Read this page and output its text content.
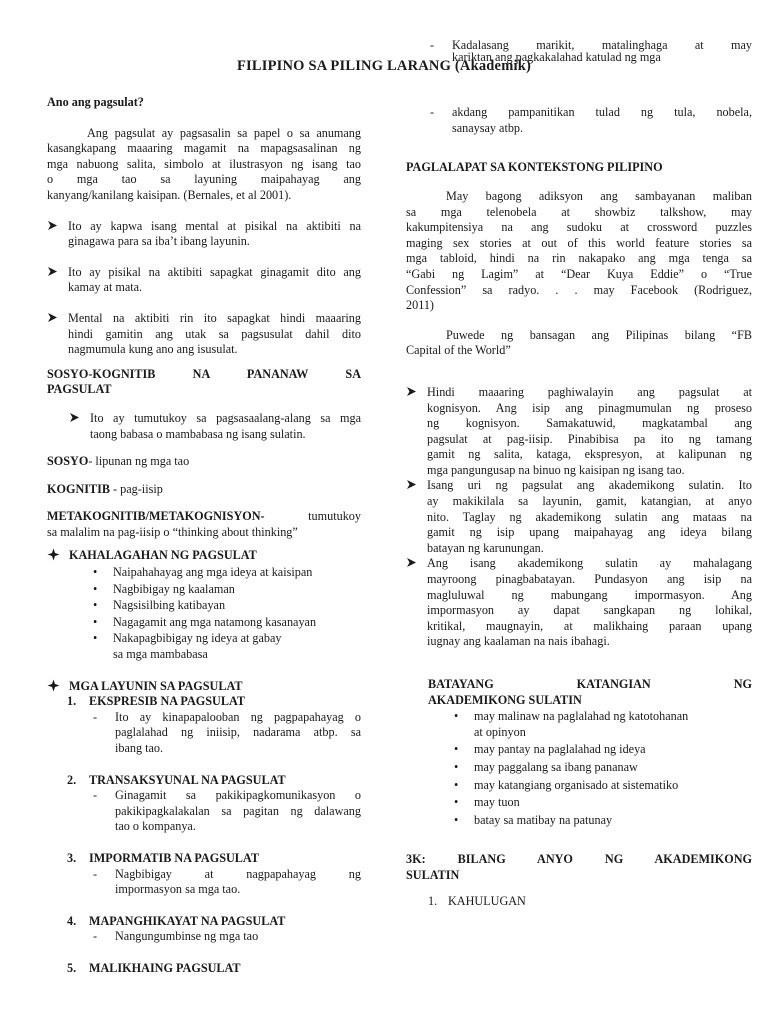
FILIPINO SA PILING LARANG (Akademik)

Ano ang pagsulat?

Ang pagsulat ay pagsasalin sa papel o sa anumang

kasangkapang maaaring magamit na mapagsasalinan ng

mga nabuong salita, simbolo at ilustrasyon ng isang tao

o mga tao sa layuning maipahayag ang

kanyang/kanilang kaisipan. (Bernales, et al 2001).

Ito ay kapwa isang mental at pisikal na aktibiti na

ginagawa para sa iba’t ibang layunin.

Ito ay pisikal na aktibiti sapagkat ginagamit dito ang

kamay at mata.

Mental na aktibiti rin ito sapagkat hindi maaaring

hindi gamitin ang utak sa pagsusulat dahil dito

nagmumula kung ano ang isusulat.

SOSYO-KOGNITIB NA PANANAW SA

PAGSULAT

Ito ay tumutukoy sa pagsasaalang-alang sa mga

taong babasa o mambabasa ng isang sulatin.

SOSYO- lipunan ng mga tao

KOGNITIB - pag-iisip

METAKOGNITIB/METAKOGNISYON-	tumutukoy

sa malalim na pag-iisip o “thinking about thinking”

KAHALAGAHAN NG PAGSULAT
• Naipahahayag ang mga ideya at kaisipan

• Nagbibigay ng kaalaman

• Nagsisilbing katibayan

• Nagagamit ang mga natamong kasanayan

• Nakapagbibigay ng ideya at gabay

sa mga mambabasa

MGA LAYUNIN SA PAGSULAT
1. EKSPRESIB NA PAGSULAT
- Ito ay kinapapalooban ng pagpapahayag o

paglalahad ng iniisip, nadarama atbp. sa

ibang tao.

2. TRANSAKSYUNAL NA PAGSULAT
- Ginagamit sa pakikipagkomunikasyon o

pakikipagkalakalan sa pagitan ng dalawang

tao o kompanya.

3. IMPORMATIB NA PAGSULAT
- Nagbibigay at nagpapahayag ng

impormasyon sa mga tao.

4. MAPANGHIKAYAT NA PAGSULAT
- Nangungumbinse ng mga tao

5. MALIKHAING PAGSULAT
- Kadalasang marikit, matalinghaga at may

kariktan ang pagkakalahad katulad ng mga

- akdang pampanitikan tulad ng tula, nobela,

sanaysay atbp.

PAGLALAPAT SA KONTEKSTONG PILIPINO

May bagong adiksyon ang sambayanan maliban

sa mga telenobela at showbiz talkshow, may

kakumpitensiya na ang sudoku at crossword puzzles

maging sex stories at out of this world feature stories sa

mga tabloid, hindi na rin nakapako ang mga tenga sa

“Gabi ng Lagim” at “Dear Kuya Eddie” o “True

Confession” sa radyo. . . may Facebook (Rodriguez,

2011)

Puwede ng bansagan ang Pilipinas bilang “FB

Capital of the World”

Hindi maaaring paghiwalayin ang pagsulat at

kognisyon. Ang isip ang pinagmumulan ng proseso

ng kognisyon. Samakatuwid, magkatambal ang

pagsulat at pag-iisip. Pinabibisa pa ito ng tamang

gamit ng salita, kataga, ekspresyon, at kalipunan ng

mga pangungusap na binuo ng kaisipan ng isang tao.

Isang uri ng pagsulat ang akademikong sulatin. Ito

ay makikilala sa layunin, gamit, katangian, at anyo

nito. Taglay ng akademikong sulatin ang mataas na

gamit ng isip upang maipahayag ang ideya bilang

batayan ng karunungan.

Ang isang akademikong sulatin ay mahalagang

mayroong pinagbabatayan. Pundasyon ang isip na

magluluwal ng mabungang impormasyon. Ang

impormasyon ay dapat sangkapan ng lohikal,

kritikal, maugnayin, at malikhaing paraan upang

iugnay ang kaalaman na nais ibahagi.

BATAYANG KATANGIAN NG

AKADEMIKONG SULATIN

• may malinaw na paglalahad ng katotohanan

at opinyon

• may pantay na paglalahad ng ideya

• may paggalang sa ibang pananaw

• may katangiang organisado at sistematiko

• may tuon

• batay sa matibay na patunay

3K: BILANG ANYO NG AKADEMIKONG

SULATIN

1. KAHULUGAN
